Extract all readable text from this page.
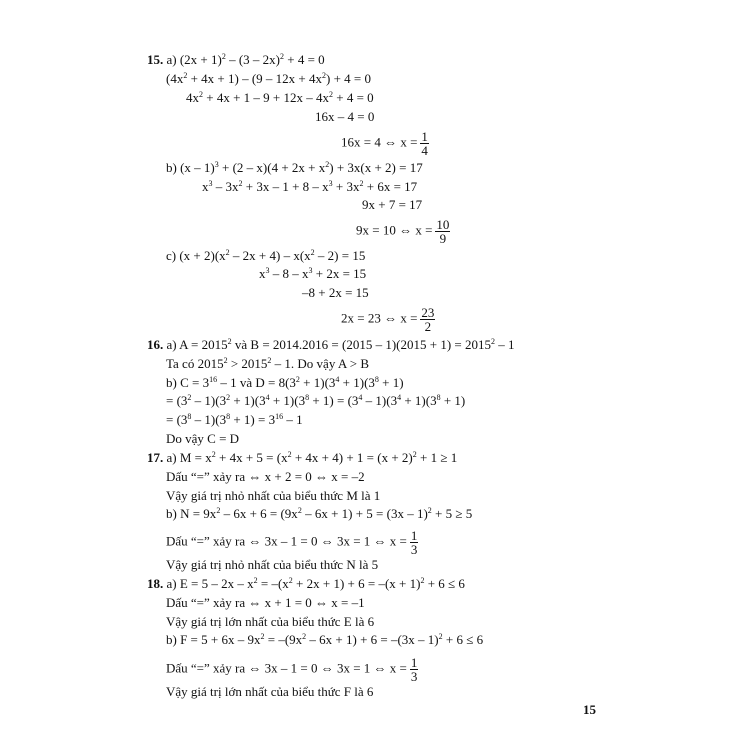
15. a) $(2x + 1)^2 - (3 - 2x)^2 + 4 = 0$
$(4x^2 + 4x + 1) - (9 - 12x + 4x^2) + 4 = 0$
$4x^2 + 4x + 1 - 9 + 12x - 4x^2 + 4 = 0$
16x – 4 = 0
16x = 4 ⇔ $x = \frac{1}{4}$
b) $(x - 1)^3 + (2 - x)(4 + 2x + x^2) + 3x(x + 2) = 17$
$x^3 - 3x^2 + 3x - 1 + 8 - x^3 + 3x^2 + 6x = 17$
9x + 7 = 17
9x = 10 ⇔ $x = \frac{10}{9}$
c) $(x + 2)(x^2 - 2x + 4) - x(x^2 - 2) = 15$
$x^3 - 8 - x^3 + 2x = 15$
–8 + 2x = 15
2x = 23 ⇔ $x = \frac{23}{2}$
16. a) $A = 2015^2$ và $B = 2014.2016 = (2015 - 1)(2015 + 1) = 2015^2 - 1$
Ta có $2015^2 > 2015^2 - 1$. Do vậy A > B
b) $C = 3^{16} - 1$ và $D = 8(3^2 + 1)(3^4 + 1)(3^8 + 1)$
= $(3^2 - 1)(3^2 + 1)(3^4 + 1)(3^8 + 1) = (3^4 - 1)(3^4 + 1)(3^8 + 1)$
= $(3^8 - 1)(3^8 + 1) = 3^{16} - 1$
Do vậy C = D
17. a) $M = x^2 + 4x + 5 = (x^2 + 4x + 4) + 1 = (x + 2)^2 + 1 \ge 1$
Dấu “=” xảy ra ⇔ x + 2 = 0 ⇔ x = –2
Vậy giá trị nhỏ nhất của biểu thức M là 1
b) $N = 9x^2 - 6x + 6 = (9x^2 - 6x + 1) + 5 = (3x - 1)^2 + 5 \ge 5$
Dấu “=” xảy ra ⇔ 3x – 1 = 0 ⇔ 3x = 1 ⇔ $x = \frac{1}{3}$
Vậy giá trị nhỏ nhất của biểu thức N là 5
18. a) $E = 5 - 2x - x^2 = -(x^2 + 2x + 1) + 6 = -(x + 1)^2 + 6 \le 6$
Dấu “=” xảy ra ⇔ x + 1 = 0 ⇔ x = –1
Vậy giá trị lớn nhất của biểu thức E là 6
b) $F = 5 + 6x - 9x^2 = -(9x^2 - 6x + 1) + 6 = -(3x - 1)^2 + 6 \le 6$
Dấu “=” xảy ra ⇔ 3x – 1 = 0 ⇔ 3x = 1 ⇔ $x = \frac{1}{3}$
Vậy giá trị lớn nhất của biểu thức F là 6
15
